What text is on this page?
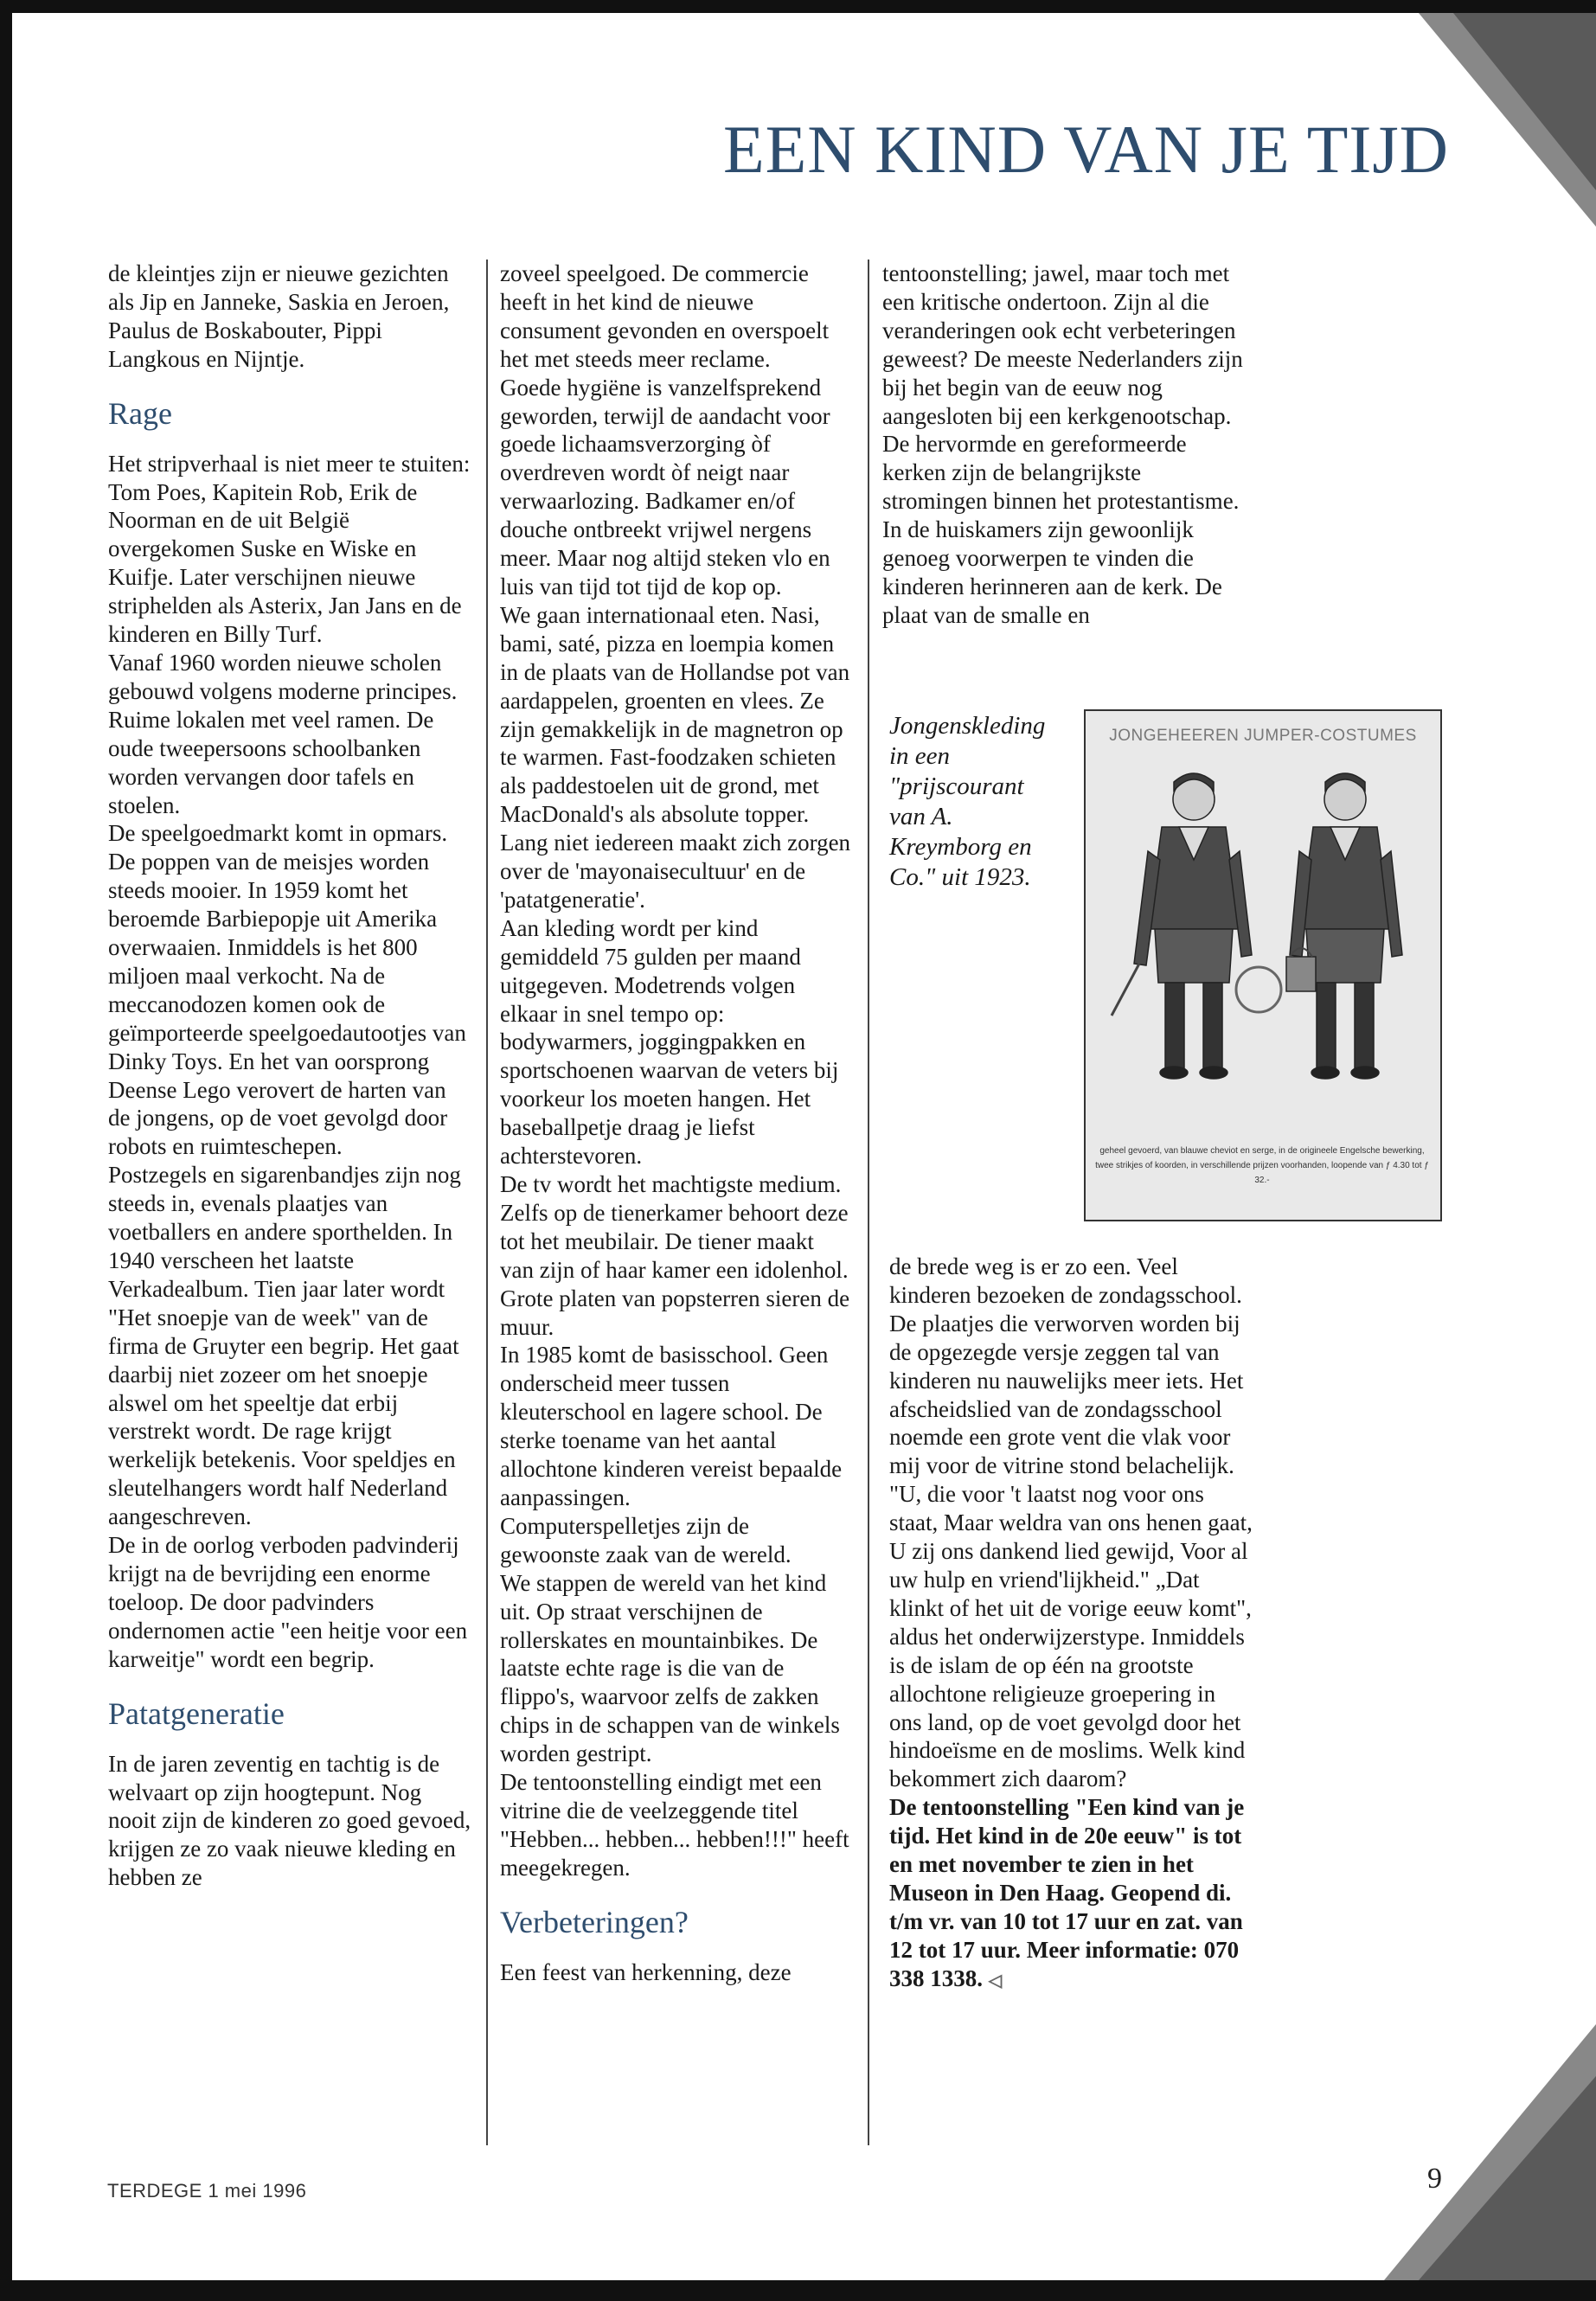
EEN KIND VAN JE TIJD

de kleintjes zijn er nieuwe gezichten als Jip en Janneke, Saskia en Jeroen, Paulus de Boskabouter, Pippi Langkous en Nijntje.

Rage

Het stripverhaal is niet meer te stuiten: Tom Poes, Kapitein Rob, Erik de Noorman en de uit België overgekomen Suske en Wiske en Kuifje. Later verschijnen nieuwe striphelden als Asterix, Jan Jans en de kinderen en Billy Turf.

Vanaf 1960 worden nieuwe scholen gebouwd volgens moderne principes. Ruime lokalen met veel ramen. De oude tweepersoons schoolbanken worden vervangen door tafels en stoelen.

De speelgoedmarkt komt in opmars. De poppen van de meisjes worden steeds mooier. In 1959 komt het beroemde Barbiepopje uit Amerika overwaaien. Inmiddels is het 800 miljoen maal verkocht. Na de meccanodozen komen ook de geïmporteerde speelgoedautootjes van Dinky Toys. En het van oorsprong Deense Lego verovert de harten van de jongens, op de voet gevolgd door robots en ruimteschepen.

Postzegels en sigarenbandjes zijn nog steeds in, evenals plaatjes van voetballers en andere sporthelden. In 1940 verscheen het laatste Verkadealbum. Tien jaar later wordt "Het snoepje van de week" van de firma de Gruyter een begrip. Het gaat daarbij niet zozeer om het snoepje alswel om het speeltje dat erbij verstrekt wordt. De rage krijgt werkelijk betekenis. Voor speldjes en sleutelhangers wordt half Nederland aangeschreven.

De in de oorlog verboden padvinderij krijgt na de bevrijding een enorme toeloop. De door padvinders ondernomen actie "een heitje voor een karweitje" wordt een begrip.

Patatgeneratie

In de jaren zeventig en tachtig is de welvaart op zijn hoogtepunt. Nog nooit zijn de kinderen zo goed gevoed, krijgen ze zo vaak nieuwe kleding en hebben ze

zoveel speelgoed. De commercie heeft in het kind de nieuwe consument gevonden en overspoelt het met steeds meer reclame.

Goede hygiëne is vanzelfsprekend geworden, terwijl de aandacht voor goede lichaamsverzorging òf overdreven wordt òf neigt naar verwaarlozing. Badkamer en/of douche ontbreekt vrijwel nergens meer. Maar nog altijd steken vlo en luis van tijd tot tijd de kop op.

We gaan internationaal eten. Nasi, bami, saté, pizza en loempia komen in de plaats van de Hollandse pot van aardappelen, groenten en vlees. Ze zijn gemakkelijk in de magnetron op te warmen. Fast-foodzaken schieten als paddestoelen uit de grond, met MacDonald's als absolute topper. Lang niet iedereen maakt zich zorgen over de 'mayonaisecultuur' en de 'patatgeneratie'.

Aan kleding wordt per kind gemiddeld 75 gulden per maand uitgegeven. Modetrends volgen elkaar in snel tempo op: bodywarmers, joggingpakken en sportschoenen waarvan de veters bij voorkeur los moeten hangen. Het baseballpetje draag je liefst achterstevoren.

De tv wordt het machtigste medium. Zelfs op de tienerkamer behoort deze tot het meubilair. De tiener maakt van zijn of haar kamer een idolenhol. Grote platen van popsterren sieren de muur.

In 1985 komt de basisschool. Geen onderscheid meer tussen kleuterschool en lagere school. De sterke toename van het aantal allochtone kinderen vereist bepaalde aanpassingen.

Computerspelletjes zijn de gewoonste zaak van de wereld.

We stappen de wereld van het kind uit. Op straat verschijnen de rollerskates en mountainbikes. De laatste echte rage is die van de flippo's, waarvoor zelfs de zakken chips in de schappen van de winkels worden gestript.

De tentoonstelling eindigt met een vitrine die de veelzeggende titel "Hebben... hebben... hebben!!!" heeft meegekregen.

Verbeteringen?

Een feest van herkenning, deze

tentoonstelling; jawel, maar toch met een kritische ondertoon. Zijn al die veranderingen ook echt verbeteringen geweest? De meeste Nederlanders zijn bij het begin van de eeuw nog aangesloten bij een kerkgenootschap. De hervormde en gereformeerde kerken zijn de belangrijkste stromingen binnen het protestantisme. In de huiskamers zijn gewoonlijk genoeg voorwerpen te vinden die kinderen herinneren aan de kerk. De plaat van de smalle en

Jongenskleding in een "prijscourant van A. Kreymborg en Co." uit 1923.
JONGEHEEREN JUMPER-COSTUMES
geheel gevoerd, van blauwe cheviot en serge, in de origineele Engelsche bewerking, twee strikjes of koorden, in verschillende prijzen voorhanden, loopende van ƒ 4.30 tot ƒ 32.-

de brede weg is er zo een. Veel kinderen bezoeken de zondagsschool. De plaatjes die verworven worden bij de opgezegde versje zeggen tal van kinderen nu nauwelijks meer iets. Het afscheidslied van de zondagsschool noemde een grote vent die vlak voor mij voor de vitrine stond belachelijk. "U, die voor 't laatst nog voor ons staat, Maar weldra van ons henen gaat, U zij ons dankend lied gewijd, Voor al uw hulp en vriend'lijkheid." „Dat klinkt of het uit de vorige eeuw komt", aldus het onderwijzerstype. Inmiddels is de islam de op één na grootste allochtone religieuze groepering in ons land, op de voet gevolgd door het hindoeïsme en de moslims. Welk kind bekommert zich daarom?

De tentoonstelling "Een kind van je tijd. Het kind in de 20e eeuw" is tot en met november te zien in het Museon in Den Haag. Geopend di. t/m vr. van 10 tot 17 uur en zat. van 12 tot 17 uur. Meer informatie: 070 338 1338. ◁

TERDEGE 1 mei 1996	9
